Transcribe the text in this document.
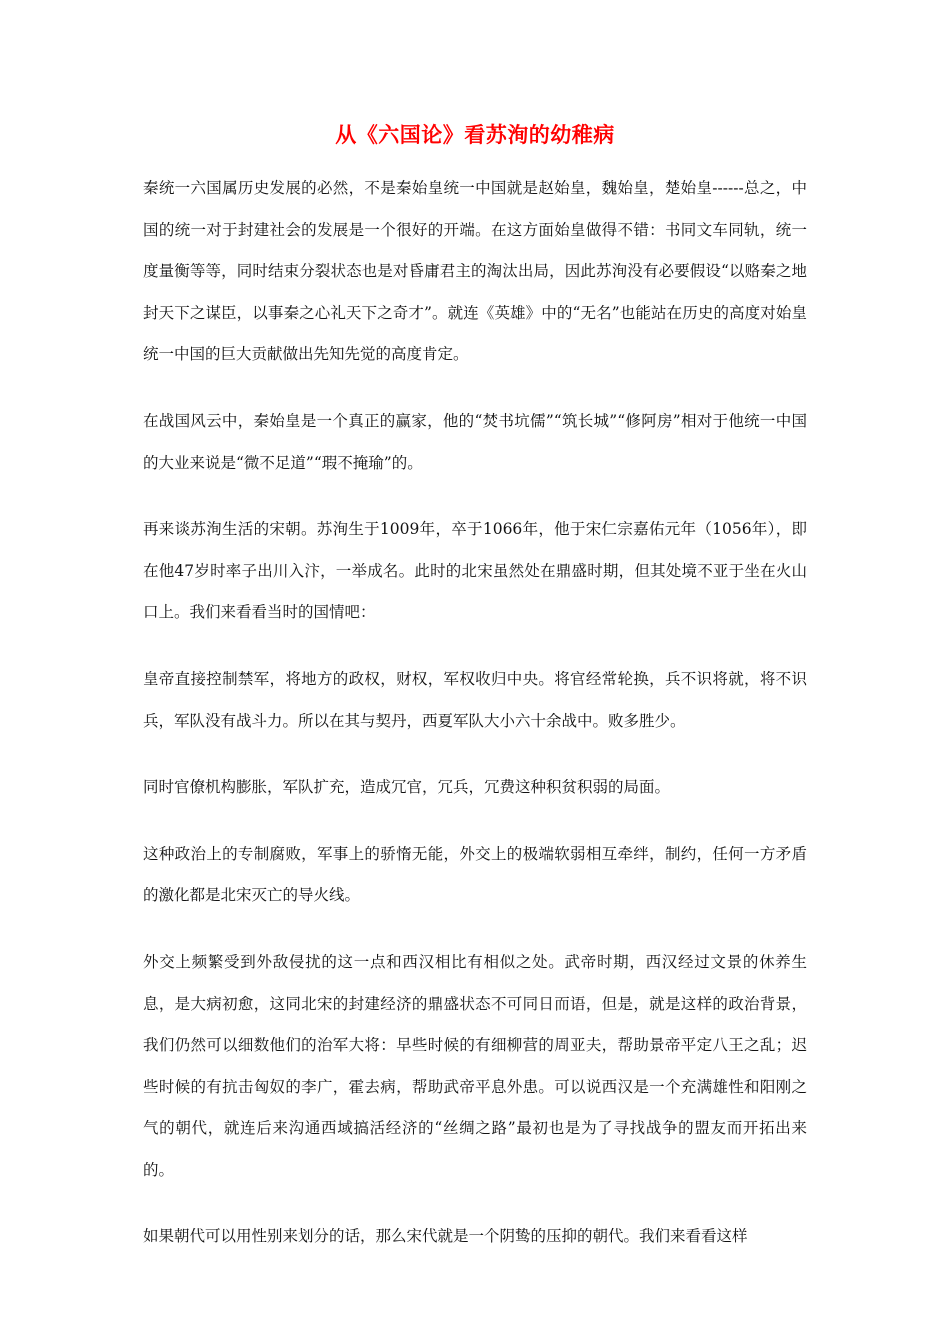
从《六国论》看苏洵的幼稚病

秦统一六国属历史发展的必然，不是秦始皇统一中国就是赵始皇，魏始皇，楚始皇------总之，中国的统一对于封建社会的发展是一个很好的开端。在这方面始皇做得不错：书同文车同轨，统一度量衡等等，同时结束分裂状态也是对昏庸君主的淘汰出局，因此苏洵没有必要假设“以赂秦之地封天下之谋臣，以事秦之心礼天下之奇才”。就连《英雄》中的“无名”也能站在历史的高度对始皇统一中国的巨大贡献做出先知先觉的高度肯定。

在战国风云中，秦始皇是一个真正的赢家，他的“焚书坑儒”“筑长城”“修阿房”相对于他统一中国的大业来说是“微不足道”“瑕不掩瑜”的。

再来谈苏洵生活的宋朝。苏洵生于1009年，卒于1066年，他于宋仁宗嘉佑元年（1056年），即在他47岁时率子出川入汴，一举成名。此时的北宋虽然处在鼎盛时期，但其处境不亚于坐在火山口上。我们来看看当时的国情吧：

皇帝直接控制禁军，将地方的政权，财权，军权收归中央。将官经常轮换，兵不识将就，将不识兵，军队没有战斗力。所以在其与契丹，西夏军队大小六十余战中。败多胜少。

同时官僚机构膨胀，军队扩充，造成冗官，冗兵，冗费这种积贫积弱的局面。

这种政治上的专制腐败，军事上的骄惰无能，外交上的极端软弱相互牵绊，制约，任何一方矛盾的激化都是北宋灭亡的导火线。

外交上频繁受到外敌侵扰的这一点和西汉相比有相似之处。武帝时期，西汉经过文景的休养生息，是大病初愈，这同北宋的封建经济的鼎盛状态不可同日而语，但是，就是这样的政治背景，我们仍然可以细数他们的治军大将：早些时候的有细柳营的周亚夫，帮助景帝平定八王之乱；迟些时候的有抗击匈奴的李广，霍去病，帮助武帝平息外患。可以说西汉是一个充满雄性和阳刚之气的朝代，就连后来沟通西域搞活经济的“丝绸之路”最初也是为了寻找战争的盟友而开拓出来的。

如果朝代可以用性别来划分的话，那么宋代就是一个阴鸷的压抑的朝代。我们来看看这样
